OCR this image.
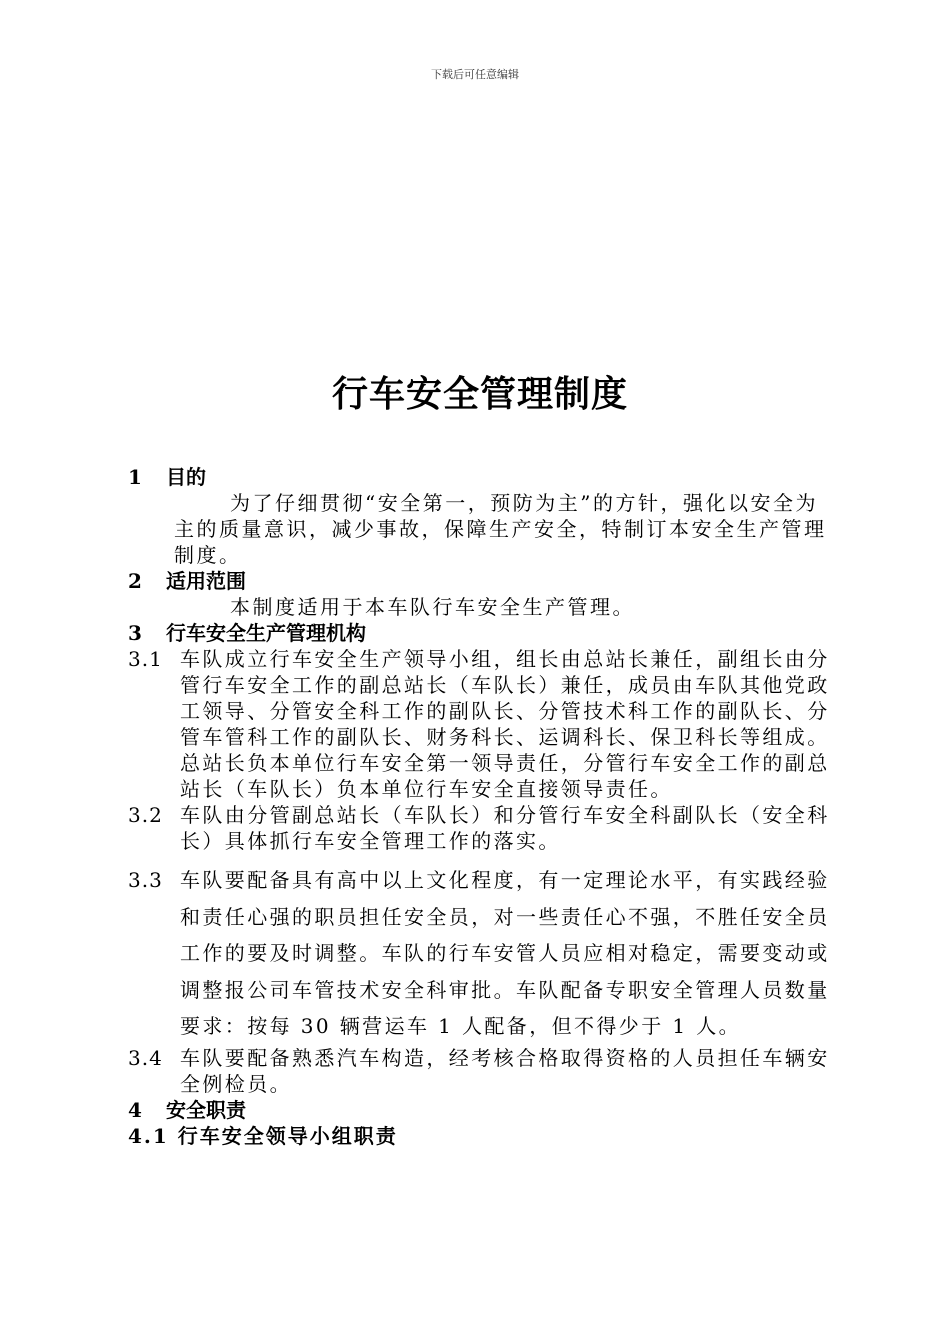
下载后可任意编辑
行车安全管理制度
1 目的
为了仔细贯彻“安全第一，预防为主”的方针，强化以安全为主的质量意识，减少事故，保障生产安全，特制订本安全生产管理制度。
2 适用范围
本制度适用于本车队行车安全生产管理。
3 行车安全生产管理机构
3.1 车队成立行车安全生产领导小组，组长由总站长兼任，副组长由分管行车安全工作的副总站长（车队长）兼任，成员由车队其他党政工领导、分管安全科工作的副队长、分管技术科工作的副队长、分管车管科工作的副队长、财务科长、运调科长、保卫科长等组成。总站长负本单位行车安全第一领导责任，分管行车安全工作的副总站长（车队长）负本单位行车安全直接领导责任。
3.2 车队由分管副总站长（车队长）和分管行车安全科副队长（安全科长）具体抓行车安全管理工作的落实。
3.3 车队要配备具有高中以上文化程度，有一定理论水平，有实践经验和责任心强的职员担任安全员，对一些责任心不强，不胜任安全员工作的要及时调整。车队的行车安管人员应相对稳定，需要变动或调整报公司车管技术安全科审批。车队配备专职安全管理人员数量要求：按每 30 辆营运车 1 人配备，但不得少于 1 人。
3.4 车队要配备熟悉汽车构造，经考核合格取得资格的人员担任车辆安全例检员。
4 安全职责
4.1 行车安全领导小组职责
